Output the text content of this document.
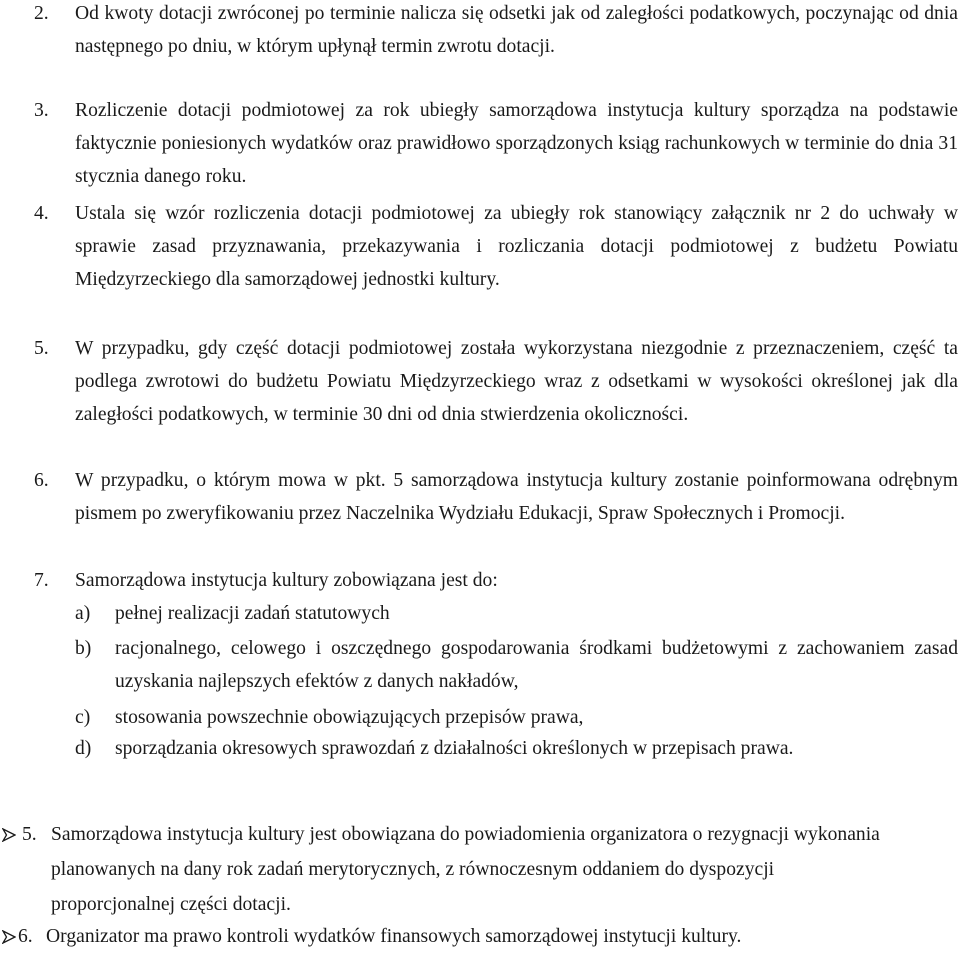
2. Od kwoty dotacji zwróconej po terminie nalicza się odsetki jak od zaległości podatkowych, poczynając od dnia następnego po dniu, w którym upłynął termin zwrotu dotacji.
3. Rozliczenie dotacji podmiotowej za rok ubiegły samorządowa instytucja kultury sporządza na podstawie faktycznie poniesionych wydatków oraz prawidłowo sporządzonych ksiąg rachunkowych w terminie do dnia 31 stycznia danego roku.
4. Ustala się wzór rozliczenia dotacji podmiotowej za ubiegły rok stanowiący załącznik nr 2 do uchwały w sprawie zasad przyznawania, przekazywania i rozliczania dotacji podmiotowej z budżetu Powiatu Międzyrzeckiego dla samorządowej jednostki kultury.
5. W przypadku, gdy część dotacji podmiotowej została wykorzystana niezgodnie z przeznaczeniem, część ta podlega zwrotowi do budżetu Powiatu Międzyrzeckiego wraz z odsetkami w wysokości określonej jak dla zaległości podatkowych, w terminie 30 dni od dnia stwierdzenia okoliczności.
6. W przypadku, o którym mowa w pkt. 5 samorządowa instytucja kultury zostanie poinformowana odrębnym pismem po zweryfikowaniu przez Naczelnika Wydziału Edukacji, Spraw Społecznych i Promocji.
7. Samorządowa instytucja kultury zobowiązana jest do:
a) pełnej realizacji zadań statutowych
b) racjonalnego, celowego i oszczędnego gospodarowania środkami budżetowymi z zachowaniem zasad uzyskania najlepszych efektów z danych nakładów,
c) stosowania powszechnie obowiązujących przepisów prawa,
d) sporządzania okresowych sprawozdań z działalności określonych w przepisach prawa.
5. Samorządowa instytucja kultury jest obowiązana do powiadomienia organizatora o rezygnacji wykonania planowanych na dany rok zadań merytorycznych, z równoczesnym oddaniem do dyspozycji proporcjonalnej części dotacji.
6. Organizator ma prawo kontroli wydatków finansowych samorządowej instytucji kultury.
